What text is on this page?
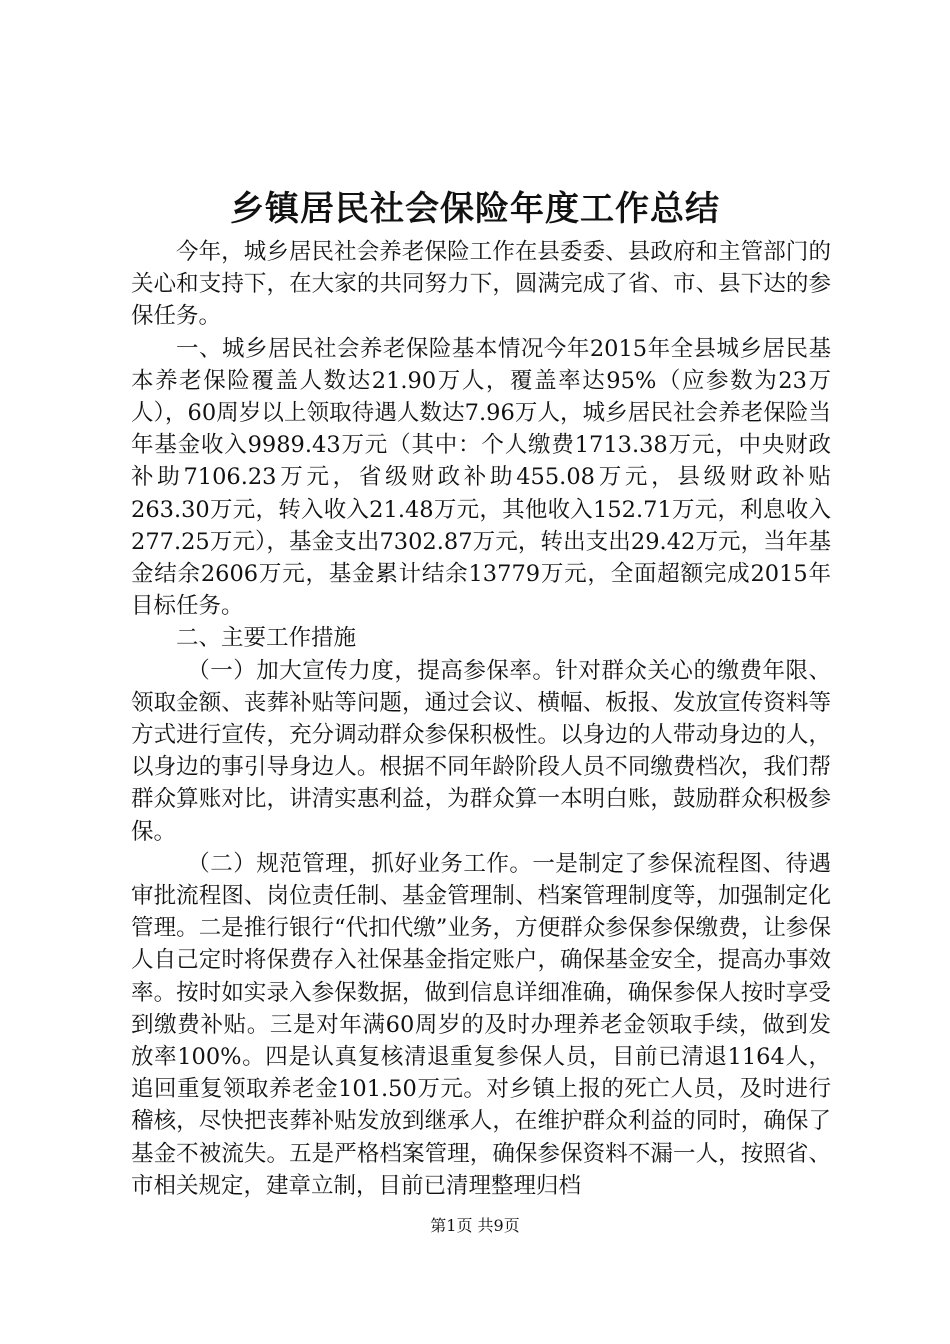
乡镇居民社会保险年度工作总结

今年，城乡居民社会养老保险工作在县委委、县政府和主管部门的关心和支持下，在大家的共同努力下，圆满完成了省、市、县下达的参保任务。

一、城乡居民社会养老保险基本情况今年2015年全县城乡居民基本养老保险覆盖人数达21.90万人，覆盖率达95%（应参数为23万人），60周岁以上领取待遇人数达7.96万人，城乡居民社会养老保险当年基金收入9989.43万元（其中：个人缴费1713.38万元，中央财政补助7106.23万元，省级财政补助455.08万元，县级财政补贴263.30万元，转入收入21.48万元，其他收入152.71万元，利息收入277.25万元），基金支出7302.87万元，转出支出29.42万元，当年基金结余2606万元，基金累计结余13779万元，全面超额完成2015年目标任务。

二、主要工作措施

（一）加大宣传力度，提高参保率。针对群众关心的缴费年限、领取金额、丧葬补贴等问题，通过会议、横幅、板报、发放宣传资料等方式进行宣传，充分调动群众参保积极性。以身边的人带动身边的人，以身边的事引导身边人。根据不同年龄阶段人员不同缴费档次，我们帮群众算账对比，讲清实惠利益，为群众算一本明白账，鼓励群众积极参保。

（二）规范管理，抓好业务工作。一是制定了参保流程图、待遇审批流程图、岗位责任制、基金管理制、档案管理制度等，加强制定化管理。二是推行银行“代扣代缴”业务，方便群众参保参保缴费，让参保人自己定时将保费存入社保基金指定账户，确保基金安全，提高办事效率。按时如实录入参保数据，做到信息详细准确，确保参保人按时享受到缴费补贴。三是对年满60周岁的及时办理养老金领取手续，做到发放率100%。四是认真复核清退重复参保人员，目前已清退1164人，追回重复领取养老金101.50万元。对乡镇上报的死亡人员，及时进行稽核，尽快把丧葬补贴发放到继承人，在维护群众利益的同时，确保了基金不被流失。五是严格档案管理，确保参保资料不漏一人，按照省、市相关规定，建章立制，目前已清理整理归档

第1页 共9页
